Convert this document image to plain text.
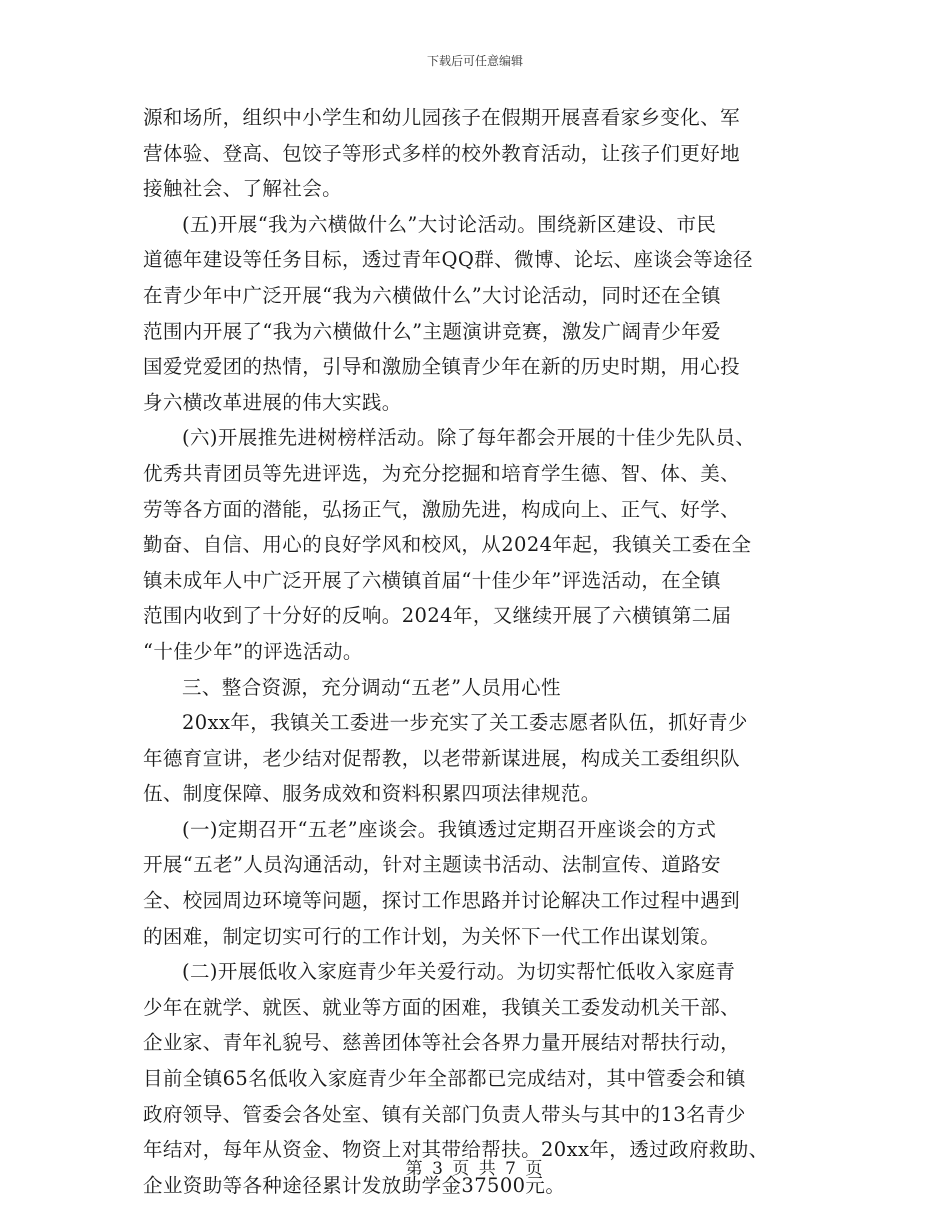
下载后可任意编辑
源和场所，组织中小学生和幼儿园孩子在假期开展喜看家乡变化、军
营体验、登高、包饺子等形式多样的校外教育活动，让孩子们更好地
接触社会、了解社会。
(五)开展“我为六横做什么”大讨论活动。围绕新区建设、市民
道德年建设等任务目标，透过青年QQ群、微博、论坛、座谈会等途径
在青少年中广泛开展“我为六横做什么”大讨论活动，同时还在全镇
范围内开展了“我为六横做什么”主题演讲竞赛，激发广阔青少年爱
国爱党爱团的热情，引导和激励全镇青少年在新的历史时期，用心投
身六横改革进展的伟大实践。
(六)开展推先进树榜样活动。除了每年都会开展的十佳少先队员、
优秀共青团员等先进评选，为充分挖掘和培育学生德、智、体、美、
劳等各方面的潜能，弘扬正气，激励先进，构成向上、正气、好学、
勤奋、自信、用心的良好学风和校风，从2024年起，我镇关工委在全
镇未成年人中广泛开展了六横镇首届“十佳少年”评选活动，在全镇
范围内收到了十分好的反响。2024年，又继续开展了六横镇第二届
“十佳少年”的评选活动。
三、整合资源，充分调动“五老”人员用心性
20xx年，我镇关工委进一步充实了关工委志愿者队伍，抓好青少
年德育宣讲，老少结对促帮教，以老带新谋进展，构成关工委组织队
伍、制度保障、服务成效和资料积累四项法律规范。
(一)定期召开“五老”座谈会。我镇透过定期召开座谈会的方式
开展“五老”人员沟通活动，针对主题读书活动、法制宣传、道路安
全、校园周边环境等问题，探讨工作思路并讨论解决工作过程中遇到
的困难，制定切实可行的工作计划，为关怀下一代工作出谋划策。
(二)开展低收入家庭青少年关爱行动。为切实帮忙低收入家庭青
少年在就学、就医、就业等方面的困难，我镇关工委发动机关干部、
企业家、青年礼貌号、慈善团体等社会各界力量开展结对帮扶行动，
目前全镇65名低收入家庭青少年全部都已完成结对，其中管委会和镇
政府领导、管委会各处室、镇有关部门负责人带头与其中的13名青少
年结对，每年从资金、物资上对其带给帮扶。20xx年，透过政府救助、
企业资助等各种途径累计发放助学金37500元。
第 3 页 共 7 页
